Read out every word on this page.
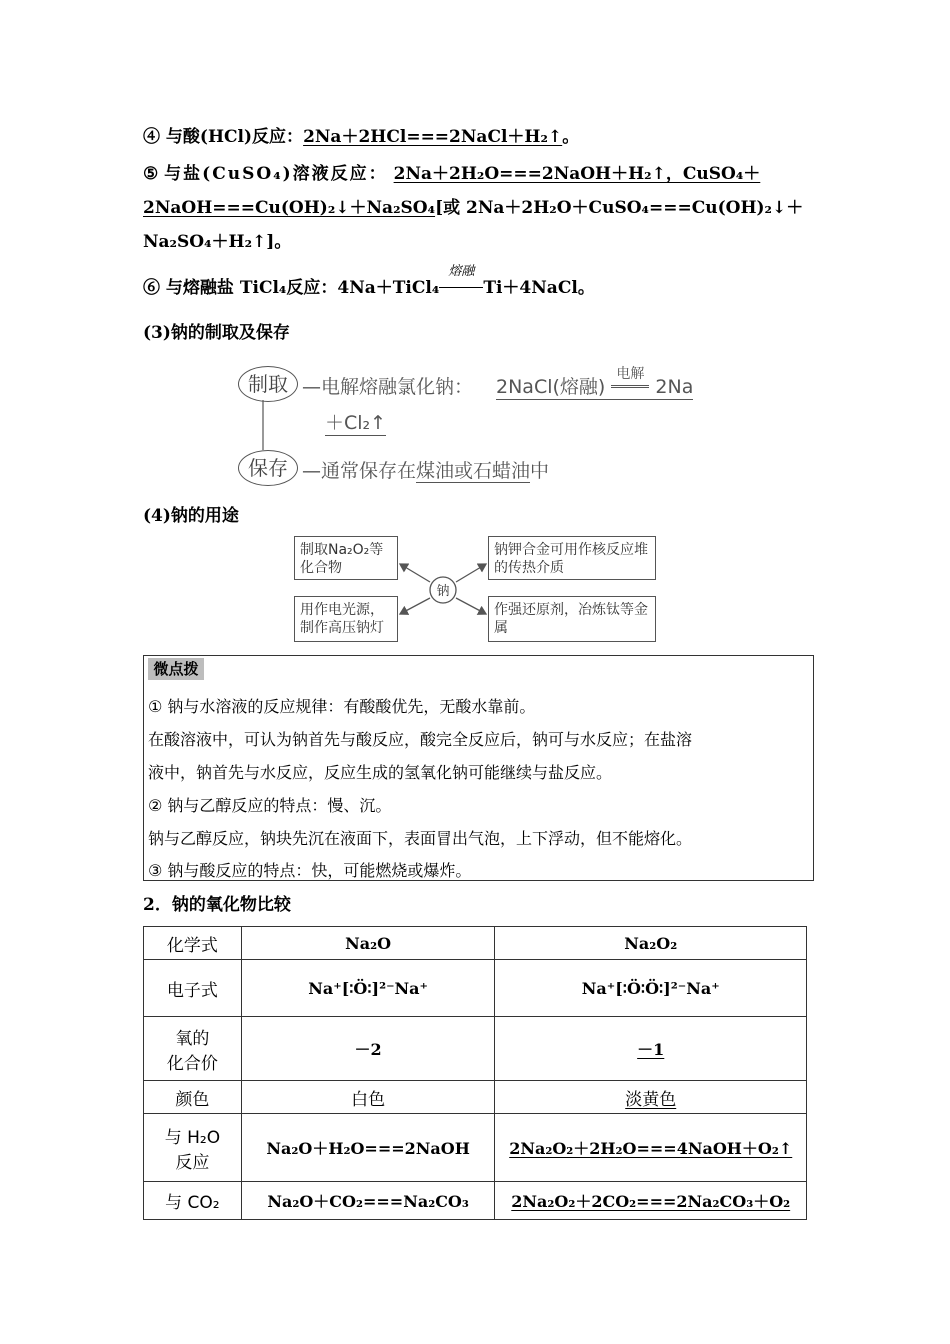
④ 与酸(HCl)反应：2Na＋2HCl===2NaCl＋H₂↑。
⑤ 与盐(CuSO₄)溶液反应： 2Na＋2H₂O===2NaOH＋H₂↑，CuSO₄＋
2NaOH===Cu(OH)₂↓＋Na₂SO₄[或 2Na＋2H₂O＋CuSO₄===Cu(OH)₂↓＋
Na₂SO₄＋H₂↑]。
⑥ 与熔融盐 TiCl₄反应：4Na＋TiCl₄
熔融
Ti＋4NaCl。
(3)钠的制取及保存
制取 —电解熔融氯化钠： 2NaCl(熔融)
电解
2Na
＋Cl₂↑
保存 —通常保存在煤油或石蜡油中
(4)钠的用途
钠
制取Na₂O₂等化合物
钠钾合金可用作核反应堆的传热介质
用作电光源，制作高压钠灯
作强还原剂，冶炼钛等金属
微点拨
① 钠与水溶液的反应规律：有酸酸优先，无酸水靠前。
在酸溶液中，可认为钠首先与酸反应，酸完全反应后，钠可与水反应；在盐溶
液中，钠首先与水反应，反应生成的氢氧化钠可能继续与盐反应。
② 钠与乙醇反应的特点：慢、沉。
钠与乙醇反应，钠块先沉在液面下，表面冒出气泡，上下浮动，但不能熔化。
③ 钠与酸反应的特点：快，可能燃烧或爆炸。
2．钠的氧化物比较
化学式	Na₂O	Na₂O₂
电子式	Na⁺[∶Ö∶]²⁻Na⁺	Na⁺[∶Ö∶Ö∶]²⁻Na⁺

氧的
化合价	－2	－1
颜色	白色	淡黄色

与 H₂O
反应	Na₂O＋H₂O===2NaOH	2Na₂O₂＋2H₂O===4NaOH＋O₂↑
与 CO₂	Na₂O＋CO₂===Na₂CO₃	2Na₂O₂＋2CO₂===2Na₂CO₃＋O₂
